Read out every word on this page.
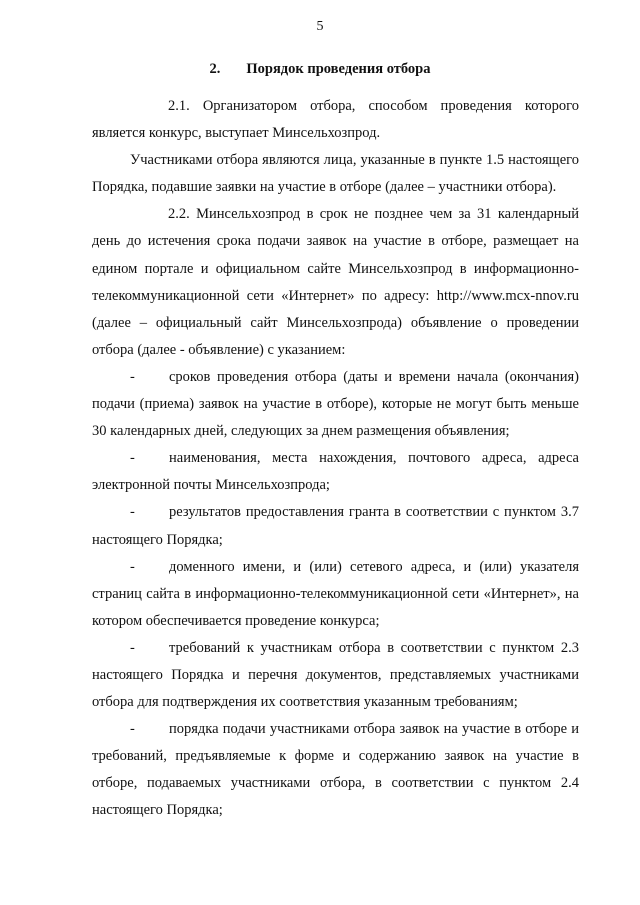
5
2. Порядок проведения отбора

2.1. Организатором отбора, способом проведения которого является конкурс, выступает Минсельхозпрод.

Участниками отбора являются лица, указанные в пункте 1.5 настоящего Порядка, подавшие заявки на участие в отборе (далее – участники отбора).

2.2. Минсельхозпрод в срок не позднее чем за 31 календарный день до истечения срока подачи заявок на участие в отборе, размещает на едином портале и официальном сайте Минсельхозпрод в информационно-телекоммуникационной сети «Интернет» по адресу: http://www.mcx-nnov.ru (далее – официальный сайт Минсельхозпрода) объявление о проведении отбора (далее - объявление) с указанием:

- сроков проведения отбора (даты и времени начала (окончания) подачи (приема) заявок на участие в отборе), которые не могут быть меньше 30 календарных дней, следующих за днем размещения объявления;

- наименования, места нахождения, почтового адреса, адреса электронной почты Минсельхозпрода;

- результатов предоставления гранта в соответствии с пунктом 3.7 настоящего Порядка;

- доменного имени, и (или) сетевого адреса, и (или) указателя страниц сайта в информационно-телекоммуникационной сети «Интернет», на котором обеспечивается проведение конкурса;

- требований к участникам отбора в соответствии с пунктом 2.3 настоящего Порядка и перечня документов, представляемых участниками отбора для подтверждения их соответствия указанным требованиям;

- порядка подачи участниками отбора заявок на участие в отборе и требований, предъявляемые к форме и содержанию заявок на участие в отборе, подаваемых участниками отбора, в соответствии с пунктом 2.4 настоящего Порядка;
